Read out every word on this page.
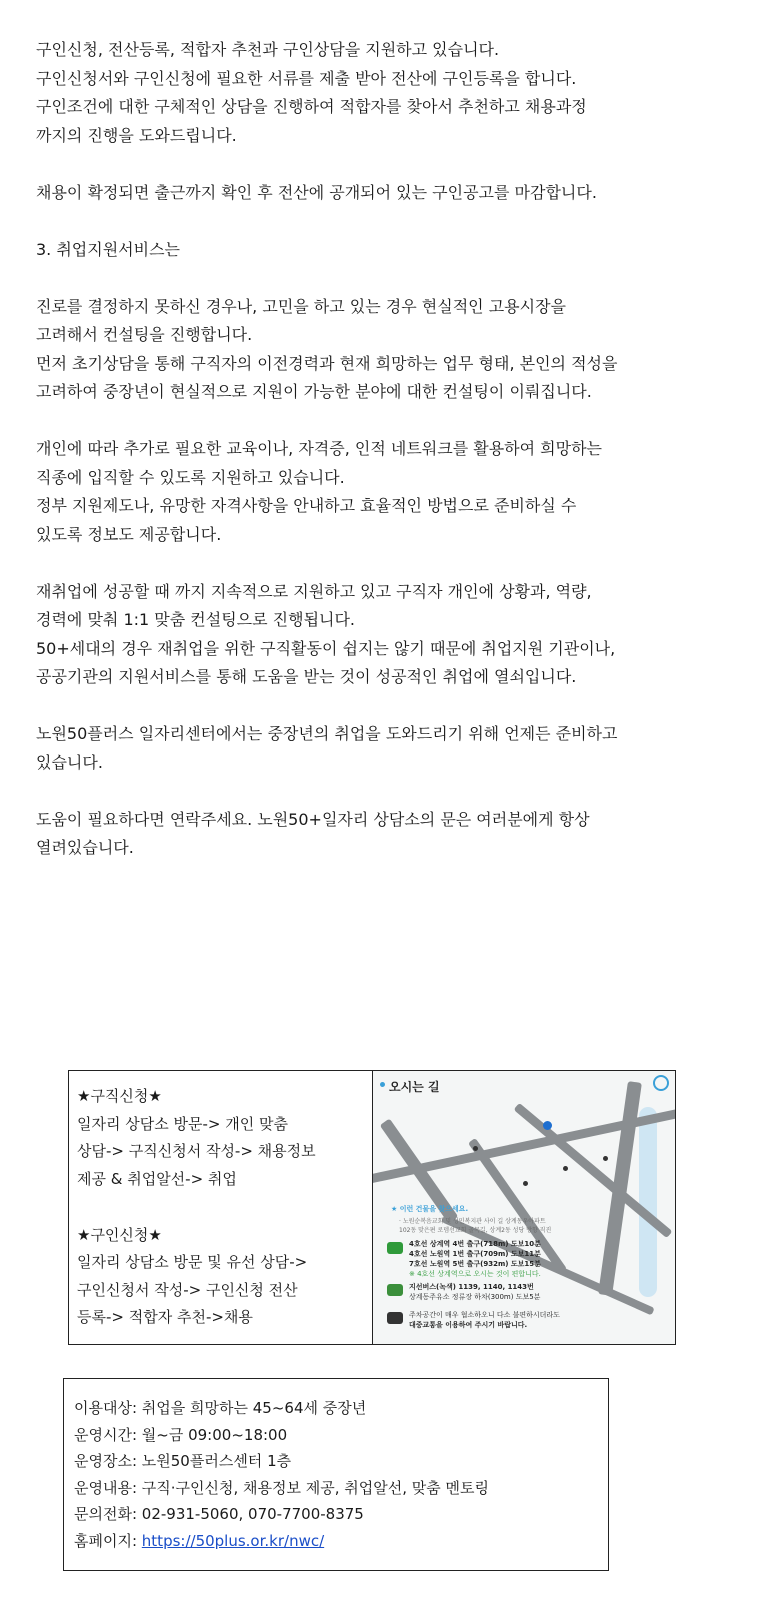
구인신청, 전산등록, 적합자 추천과 구인상담을 지원하고 있습니다.
구인신청서와 구인신청에 필요한 서류를 제출 받아 전산에 구인등록을 합니다.
구인조건에 대한 구체적인 상담을 진행하여 적합자를 찾아서 추천하고 채용과정
까지의 진행을 도와드립니다.
채용이 확정되면 출근까지 확인 후 전산에 공개되어 있는 구인공고를 마감합니다.
3. 취업지원서비스는
진로를 결정하지 못하신 경우나, 고민을 하고 있는 경우 현실적인 고용시장을
고려해서 컨설팅을 진행합니다.
먼저 초기상담을 통해 구직자의 이전경력과 현재 희망하는 업무 형태, 본인의 적성을
고려하여 중장년이 현실적으로 지원이 가능한 분야에 대한 컨설팅이 이뤄집니다.
개인에 따라 추가로 필요한 교육이나, 자격증, 인적 네트워크를 활용하여 희망하는
직종에 입직할 수 있도록 지원하고 있습니다.
정부 지원제도나, 유망한 자격사항을 안내하고 효율적인 방법으로 준비하실 수
있도록 정보도 제공합니다.
재취업에 성공할 때 까지 지속적으로 지원하고 있고 구직자 개인에 상황과, 역량,
경력에 맞춰 1:1 맞춤 컨설팅으로 진행됩니다.
50+세대의 경우 재취업을 위한 구직활동이 쉽지는 않기 때문에 취업지원 기관이나,
공공기관의 지원서비스를 통해 도움을 받는 것이 성공적인 취업에 열쇠입니다.
노원50플러스 일자리센터에서는 중장년의 취업을 도와드리기 위해 언제든 준비하고
있습니다.
도움이 필요하다면 연락주세요. 노원50+일자리 상담소의 문은 여러분에게 항상
열려있습니다.
★구직신청★
일자리 상담소 방문-> 개인 맞춤
상담-> 구직신청서 작성-> 채용정보
제공 & 취업알선-> 취업
★구인신청★
일자리 상담소 방문 및 유선 상담->
구인신청서 작성-> 구인신청 전산
등록-> 적합자 추천->채용
오시는 길
★ 이런 건물을 찾으세요.
· 노원순복음교회 및 성민복지관 사이 길 상계동우아파트 102동 맞은편 로뎀선교회 골목길, 상계2동 성당 방향 직진
4호선 상계역 4번 출구(718m) 도보10분
4호선 노원역 1번 출구(709m) 도보11분
7호선 노원역 5번 출구(932m) 도보15분
※ 4호선 상계역으로 오시는 것이 편합니다.
지선버스(녹색) 1139, 1140, 1143번
상계동주유소 정류장 하차(300m) 도보5분
주차공간이 매우 협소하오니 다소 불편하시더라도
대중교통을 이용하여 주시기 바랍니다.
이용대상: 취업을 희망하는 45~64세 중장년
운영시간: 월~금 09:00~18:00
운영장소: 노원50플러스센터 1층
운영내용: 구직·구인신청, 채용정보 제공, 취업알선, 맞춤 멘토링
문의전화: 02-931-5060, 070-7700-8375
홈페이지: https://50plus.or.kr/nwc/
